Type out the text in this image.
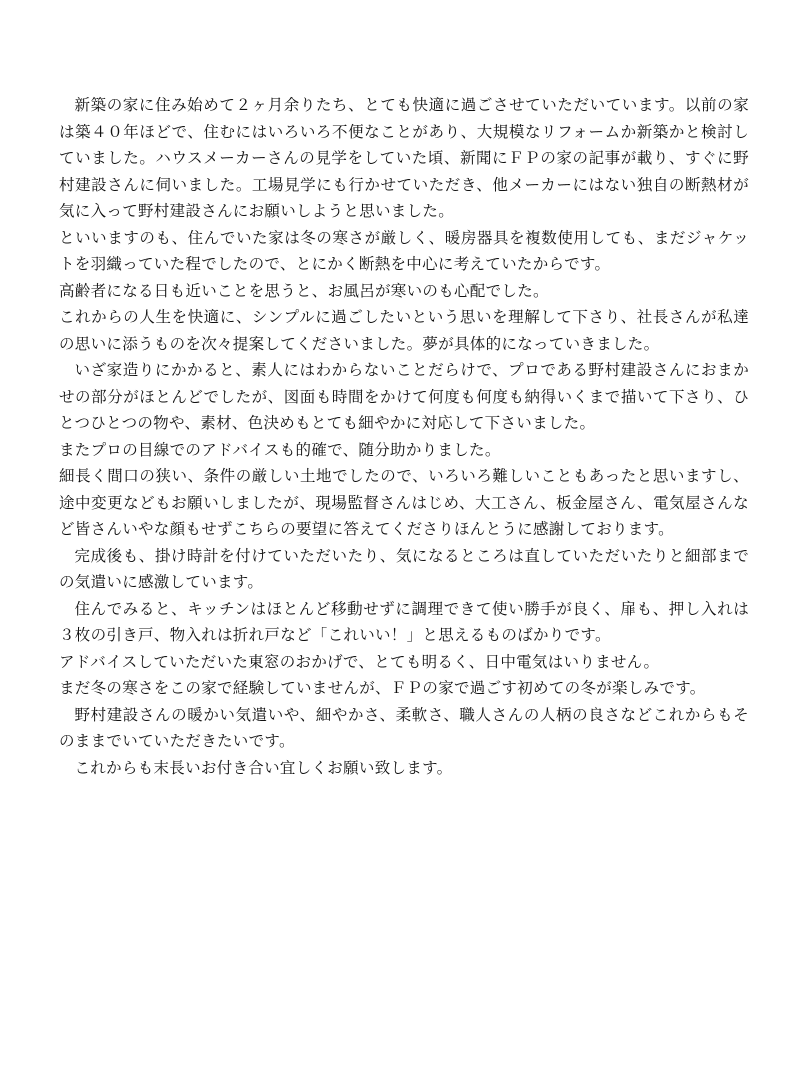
新築の家に住み始めて２ヶ月余りたち、とても快適に過ごさせていただいています。以前の家は築４０年ほどで、住むにはいろいろ不便なことがあり、大規模なリフォームか新築かと検討していました。ハウスメーカーさんの見学をしていた頃、新聞にＦＰの家の記事が載り、すぐに野村建設さんに伺いました。工場見学にも行かせていただき、他メーカーにはない独自の断熱材が気に入って野村建設さんにお願いしようと思いました。

といいますのも、住んでいた家は冬の寒さが厳しく、暖房器具を複数使用しても、まだジャケットを羽織っていた程でしたので、とにかく断熱を中心に考えていたからです。

高齢者になる日も近いことを思うと、お風呂が寒いのも心配でした。

これからの人生を快適に、シンプルに過ごしたいという思いを理解して下さり、社長さんが私達の思いに添うものを次々提案してくださいました。夢が具体的になっていきました。

いざ家造りにかかると、素人にはわからないことだらけで、プロである野村建設さんにおまかせの部分がほとんどでしたが、図面も時間をかけて何度も何度も納得いくまで描いて下さり、ひとつひとつの物や、素材、色決めもとても細やかに対応して下さいました。

またプロの目線でのアドバイスも的確で、随分助かりました。

細長く間口の狭い、条件の厳しい土地でしたので、いろいろ難しいこともあったと思いますし、途中変更などもお願いしましたが、現場監督さんはじめ、大工さん、板金屋さん、電気屋さんなど皆さんいやな顔もせずこちらの要望に答えてくださりほんとうに感謝しております。

完成後も、掛け時計を付けていただいたり、気になるところは直していただいたりと細部までの気遣いに感激しています。

住んでみると、キッチンはほとんど移動せずに調理できて使い勝手が良く、扉も、押し入れは３枚の引き戸、物入れは折れ戸など「これいい！」と思えるものばかりです。

アドバイスしていただいた東窓のおかげで、とても明るく、日中電気はいりません。

まだ冬の寒さをこの家で経験していませんが、ＦＰの家で過ごす初めての冬が楽しみです。

野村建設さんの暖かい気遣いや、細やかさ、柔軟さ、職人さんの人柄の良さなどこれからもそのままでいていただきたいです。

これからも末長いお付き合い宜しくお願い致します。
